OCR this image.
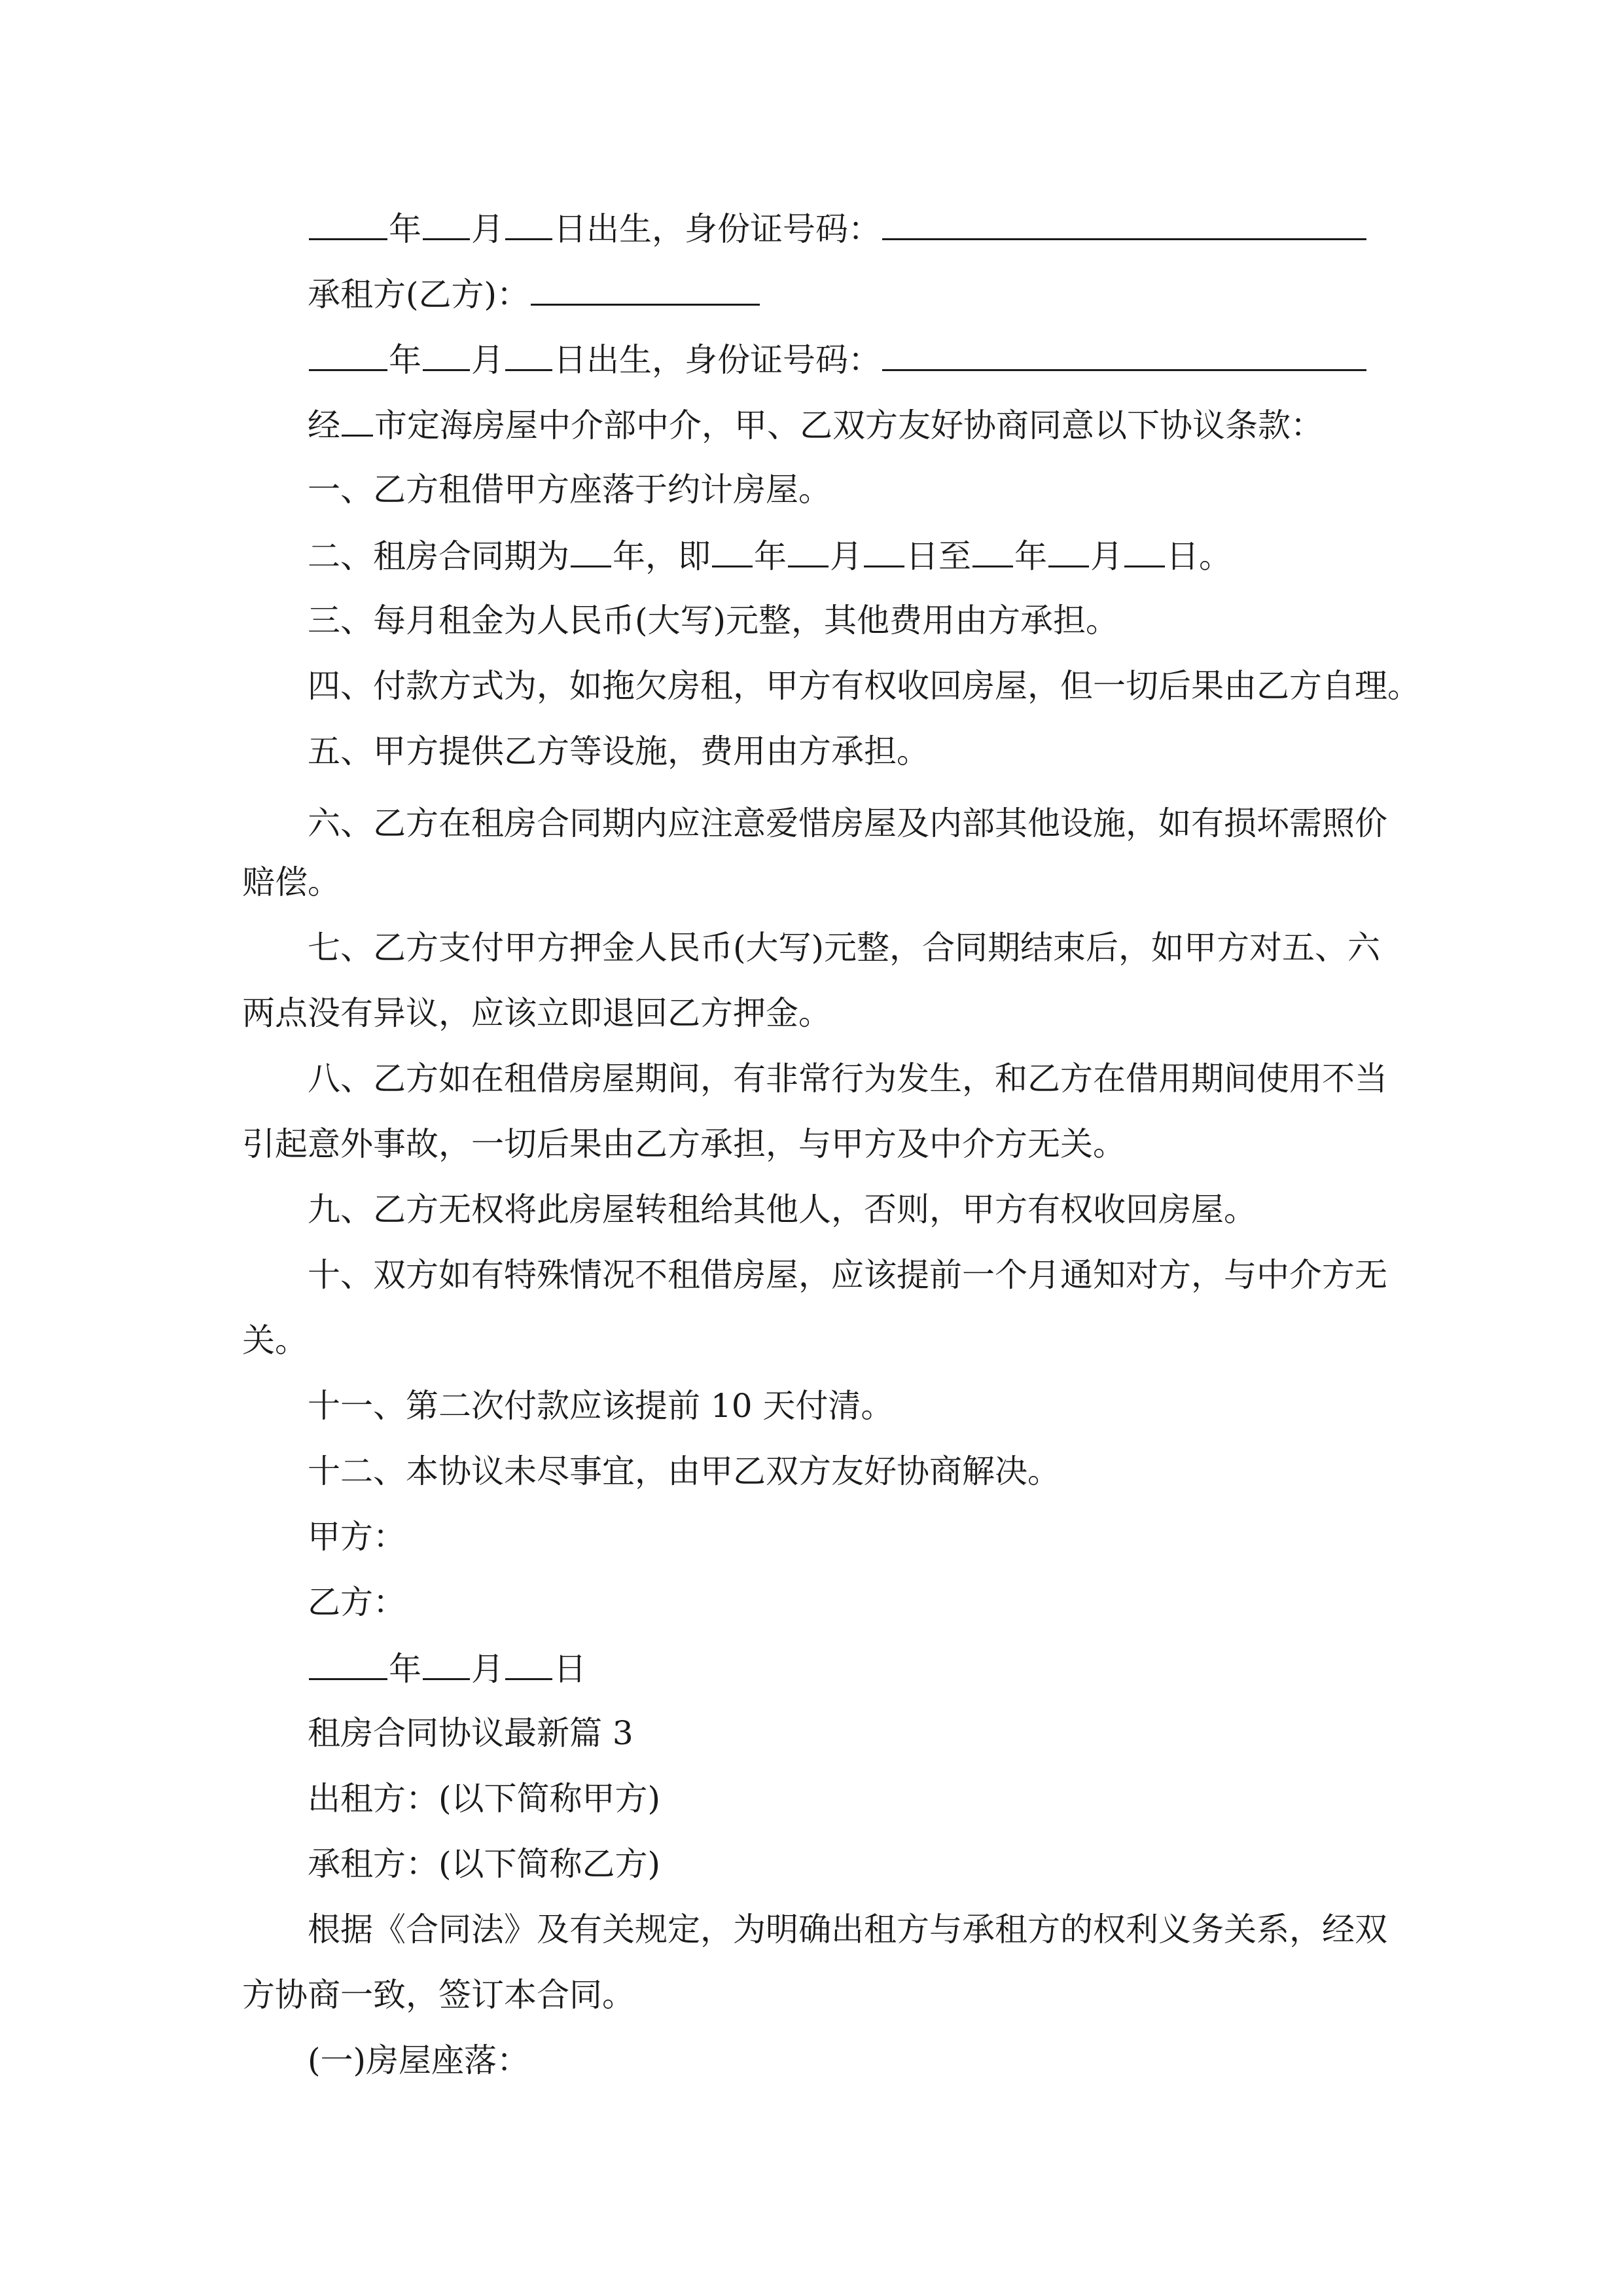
年 月 日出生，身份证号码：
承租方(乙方)：
年 月 日出生，身份证号码：
经 市定海房屋中介部中介，甲、乙双方友好协商同意以下协议条款：
一、乙方租借甲方座落于约计房屋。
二、租房合同期为 年，即 年 月 日至 年 月 日。
三、每月租金为人民币(大写)元整，其他费用由方承担。
四、付款方式为，如拖欠房租，甲方有权收回房屋，但一切后果由乙方自理。
五、甲方提供乙方等设施，费用由方承担。
六、乙方在租房合同期内应注意爱惜房屋及内部其他设施，如有损坏需照价
赔偿。
七、乙方支付甲方押金人民币(大写)元整，合同期结束后，如甲方对五、六
两点没有异议，应该立即退回乙方押金。
八、乙方如在租借房屋期间，有非常行为发生，和乙方在借用期间使用不当
引起意外事故，一切后果由乙方承担，与甲方及中介方无关。
九、乙方无权将此房屋转租给其他人，否则，甲方有权收回房屋。
十、双方如有特殊情况不租借房屋，应该提前一个月通知对方，与中介方无
关。
十一、第二次付款应该提前 10 天付清。
十二、本协议未尽事宜，由甲乙双方友好协商解决。
甲方：
乙方：
年 月 日
租房合同协议最新篇 3
出租方：(以下简称甲方)
承租方：(以下简称乙方)
根据《合同法》及有关规定，为明确出租方与承租方的权利义务关系，经双
方协商一致，签订本合同。
(一)房屋座落：
